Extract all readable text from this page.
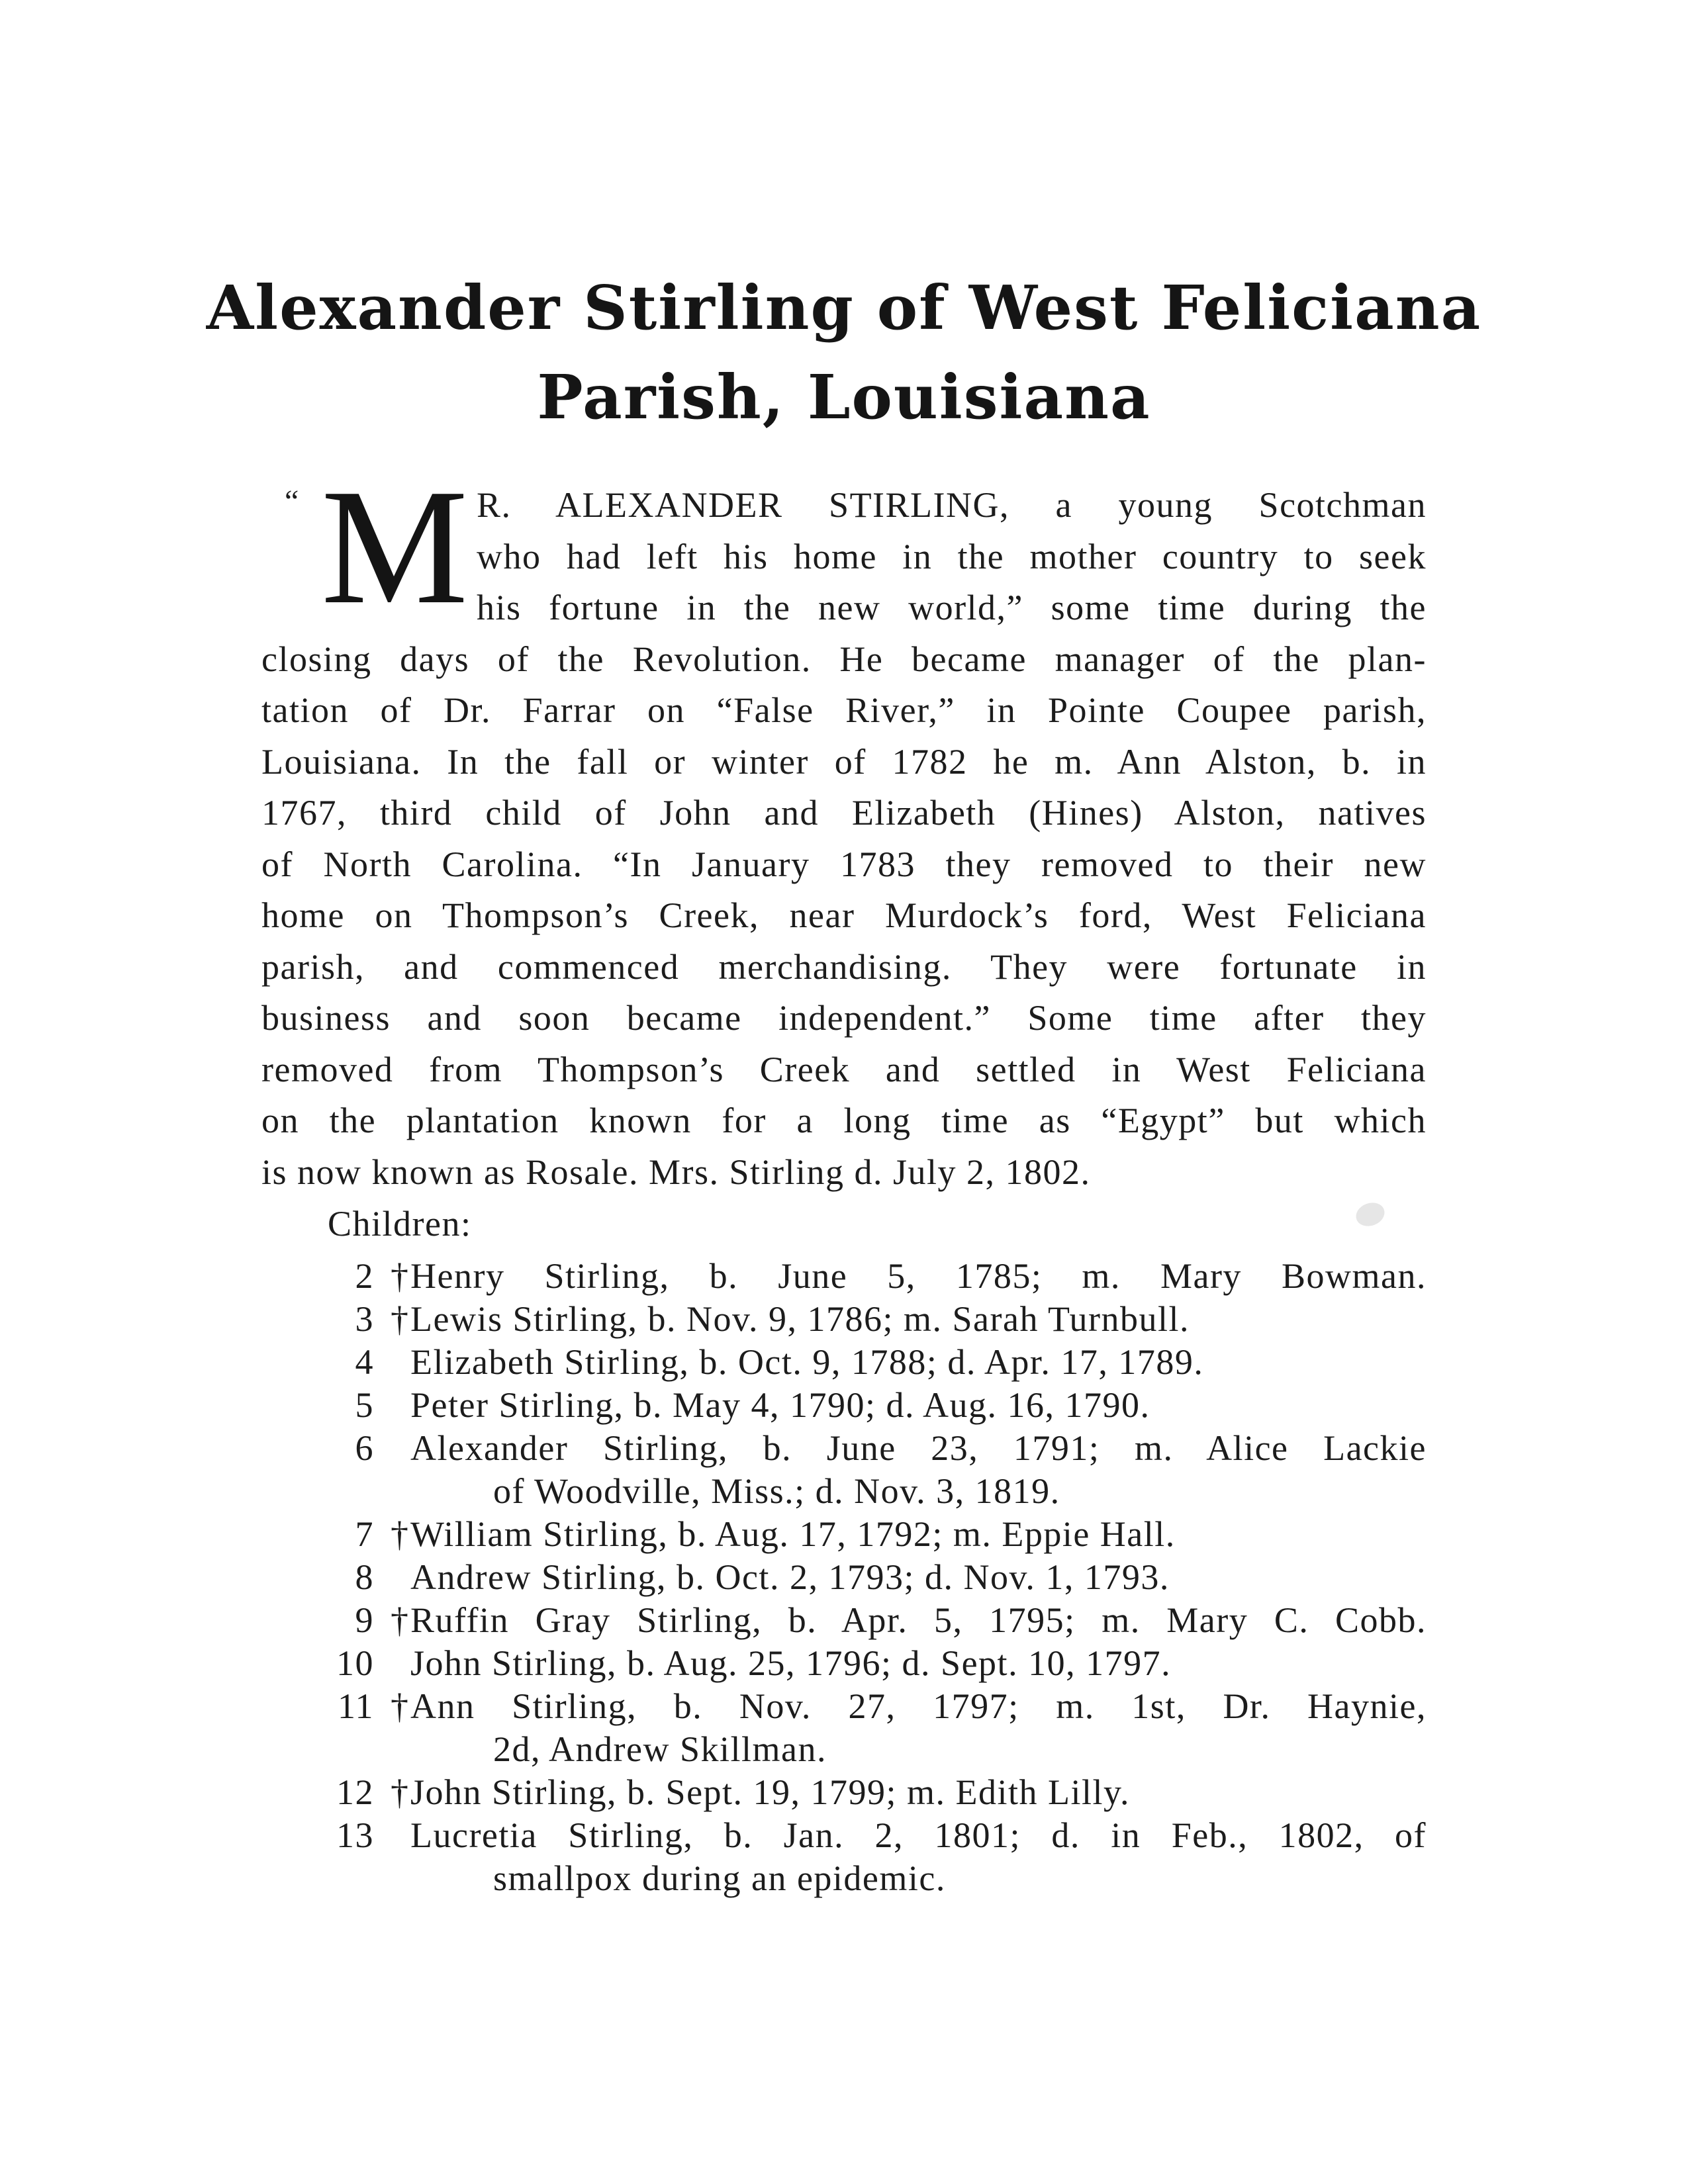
Alexander Stirling of West Feliciana
Parish, Louisiana
“ M R. ALEXANDER STIRLING, a young Scotchman
who had left his home in the mother country to seek
his fortune in the new world,” some time during the
closing days of the Revolution. He became manager of the plan-
tation of Dr. Farrar on “False River,” in Pointe Coupee parish,
Louisiana. In the fall or winter of 1782 he m. Ann Alston, b. in
1767, third child of John and Elizabeth (Hines) Alston, natives
of North Carolina. “In January 1783 they removed to their new
home on Thompson’s Creek, near Murdock’s ford, West Feliciana
parish, and commenced merchandising. They were fortunate in
business and soon became independent.” Some time after they
removed from Thompson’s Creek and settled in West Feliciana
on the plantation known for a long time as “Egypt” but which
is now known as Rosale. Mrs. Stirling d. July 2, 1802.
Children:
2 † Henry Stirling, b. June 5, 1785; m. Mary Bowman.
3 † Lewis Stirling, b. Nov. 9, 1786; m. Sarah Turnbull.
4 Elizabeth Stirling, b. Oct. 9, 1788; d. Apr. 17, 1789.
5 Peter Stirling, b. May 4, 1790; d. Aug. 16, 1790.
6 Alexander Stirling, b. June 23, 1791; m. Alice Lackie
of Woodville, Miss.; d. Nov. 3, 1819.
7 † William Stirling, b. Aug. 17, 1792; m. Eppie Hall.
8 Andrew Stirling, b. Oct. 2, 1793; d. Nov. 1, 1793.
9 † Ruffin Gray Stirling, b. Apr. 5, 1795; m. Mary C. Cobb.
10 John Stirling, b. Aug. 25, 1796; d. Sept. 10, 1797.
11 † Ann Stirling, b. Nov. 27, 1797; m. 1st, Dr. Haynie,
2d, Andrew Skillman.
12 † John Stirling, b. Sept. 19, 1799; m. Edith Lilly.
13 Lucretia Stirling, b. Jan. 2, 1801; d. in Feb., 1802, of
smallpox during an epidemic.
